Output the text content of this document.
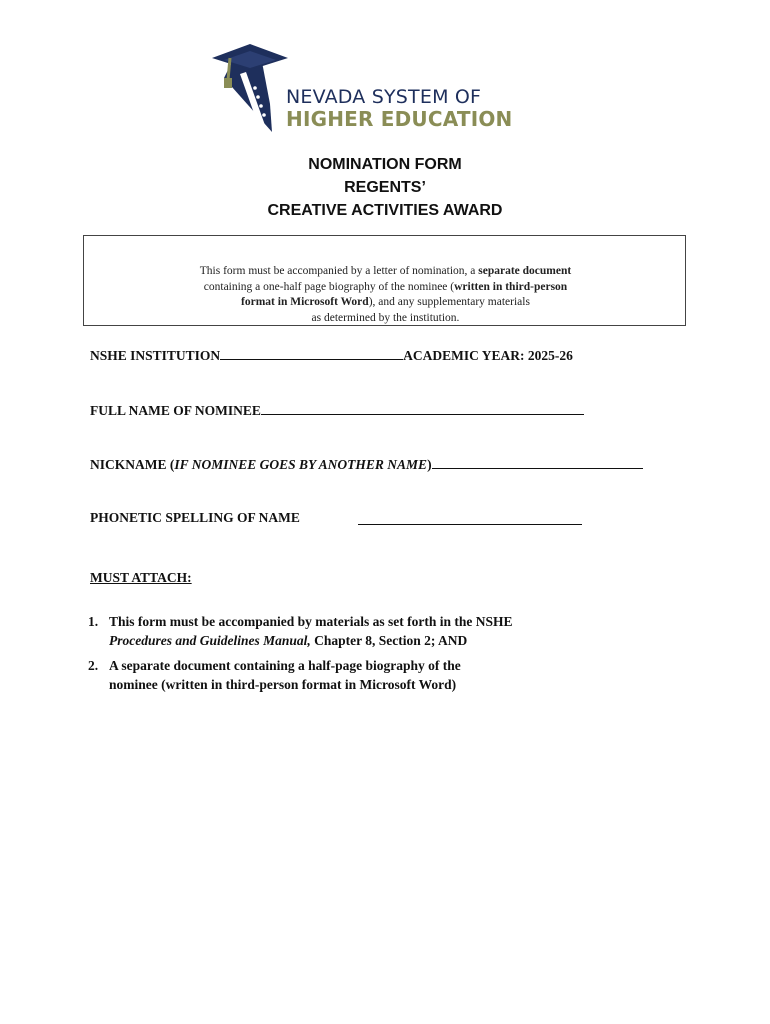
NEVADA SYSTEM OF
HIGHER EDUCATION
NOMINATION FORM
REGENTS’
CREATIVE ACTIVITIES AWARD
This form must be accompanied by a letter of nomination, a separate document
containing a one-half page biography of the nominee (written in third-person
format in Microsoft Word), and any supplementary materials
as determined by the institution.
NSHE INSTITUTION	ACADEMIC YEAR: 2025-26
FULL NAME OF NOMINEE
NICKNAME (IF NOMINEE GOES BY ANOTHER NAME)
PHONETIC SPELLING OF NAME
MUST ATTACH:
1. This form must be accompanied by materials as set forth in the NSHE
Procedures and Guidelines Manual, Chapter 8, Section 2; AND
2. A separate document containing a half-page biography of the
nominee (written in third-person format in Microsoft Word)
